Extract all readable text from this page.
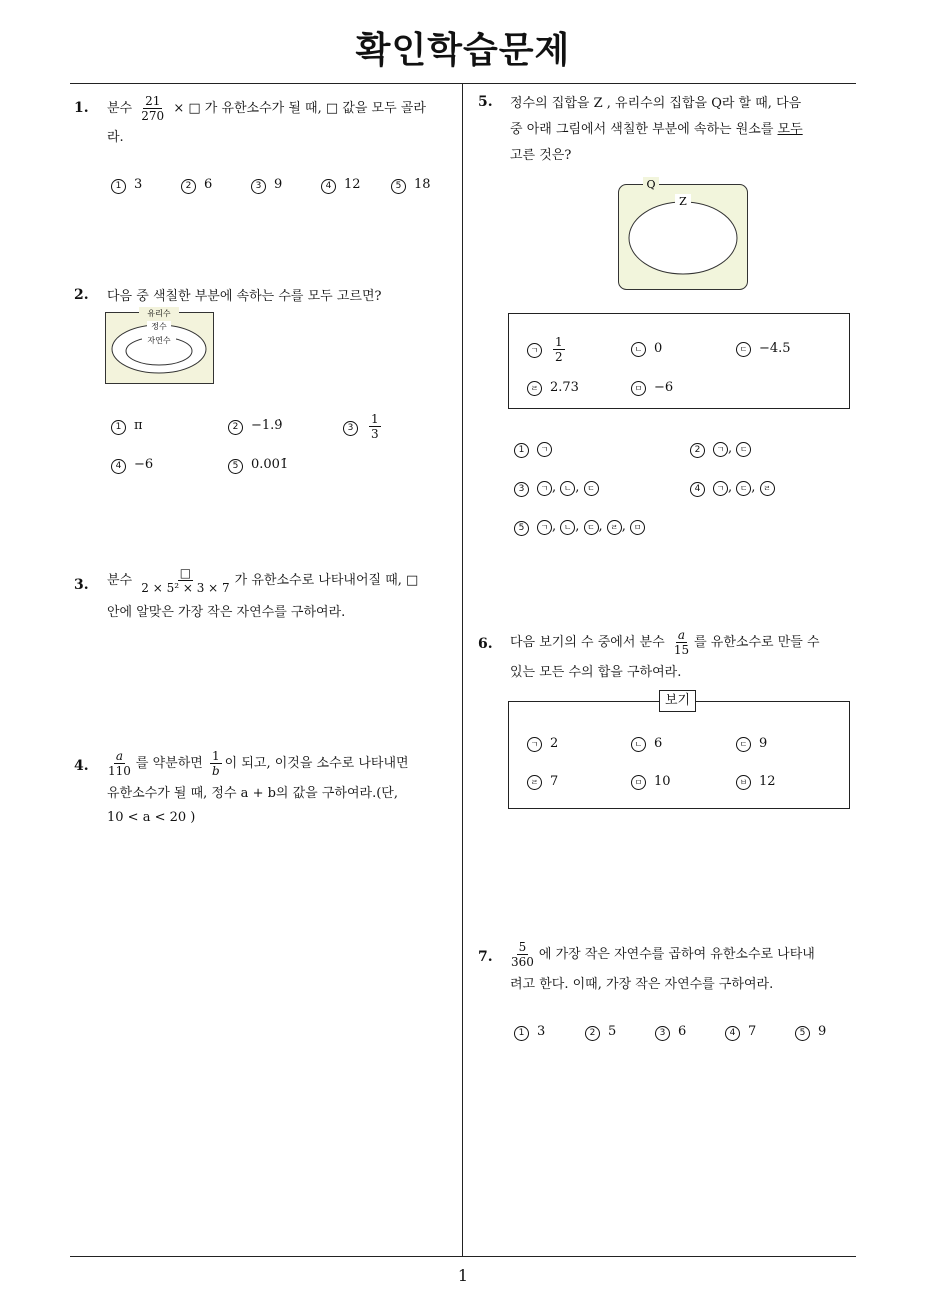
확인학습문제
1
1. 분수 $\frac{21}{270}$ × □ 가 유한소수가 될 때, □ 값을 모두 골라
라.
1 3	2 6	3 9	4 12	5 18
2. 다음 중 색칠한 부분에 속하는 수를 모두 고르면?
유리수
정수
자연수
1 π	2 −1.9̇	$3 \frac{1}{3}$
4 −6	5 0.001̇
3. 분수 $\frac{□}{\text{2 × 5² × 3 × 7}}$ 가 유한소수로 나타내어질 때, □
안에 알맞은 가장 작은 자연수를 구하여라.
4. $\frac{a}{110}$ 를 약분하면 $\frac{1}{b}$ 이 되고, 이것을 소수로 나타내면
유한소수가 될 때, 정수 a + b의 값을 구하여라.(단,
10 < a < 20 )
5. 정수의 집합을 Z , 유리수의 집합을 Q라 할 때, 다음
중 아래 그림에서 색칠한 부분에 속하는 원소를 모두
고른 것은?
Q
Z
ㄱ $\frac{1}{2}$	ㄴ 0	ㄷ −4.5
ㄹ 2.73	ㅁ −6
1 ㄱ	2 ㄱ , ㄷ
3 ㄱ , ㄴ , ㄷ	4 ㄱ , ㄷ , ㄹ
5 ㄱ , ㄴ , ㄷ , ㄹ , ㅁ
6. 다음 보기의 수 중에서 분수 $\frac{a}{15}$ 를 유한소수로 만들 수
있는 모든 수의 합을 구하여라.
보기
ㄱ 2	ㄴ 6	ㄷ 9
ㄹ 7	ㅁ 10	ㅂ 12
7. $\frac{5}{360}$ 에 가장 작은 자연수를 곱하여 유한소수로 나타내
려고 한다. 이때, 가장 작은 자연수를 구하여라.
1 3	2 5	3 6	4 7	5 9
